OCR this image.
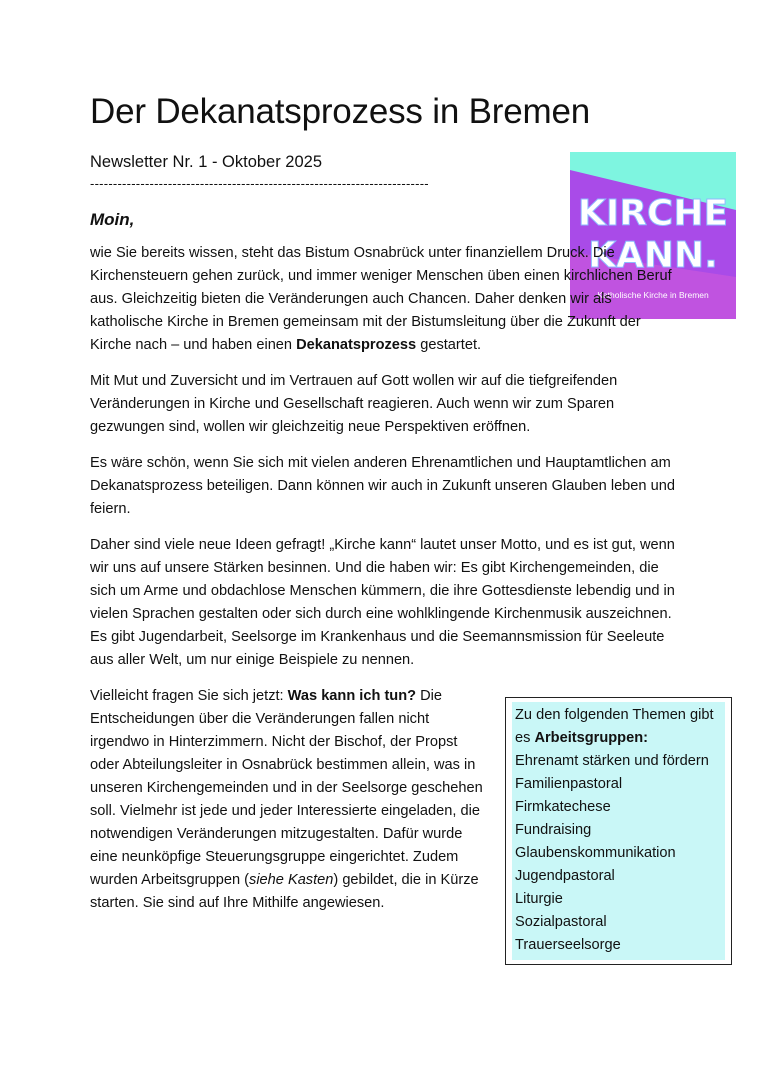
Der Dekanatsprozess in Bremen
Newsletter Nr. 1 - Oktober 2025
--------------------------------------------------------------------------
KIRCHE
KANN.
Katholische Kirche in Bremen
Moin,

wie Sie bereits wissen, steht das Bistum Osnabrück unter finanziellem Druck. Die Kirchensteuern gehen zurück, und immer weniger Menschen üben einen kirchlichen Beruf aus. Gleichzeitig bieten die Veränderungen auch Chancen. Daher denken wir als katholische Kirche in Bremen gemeinsam mit der Bistumsleitung über die Zukunft der Kirche nach – und haben einen Dekanatsprozess gestartet.

Mit Mut und Zuversicht und im Vertrauen auf Gott wollen wir auf die tiefgreifenden Veränderungen in Kirche und Gesellschaft reagieren. Auch wenn wir zum Sparen gezwungen sind, wollen wir gleichzeitig neue Perspektiven eröffnen.

Es wäre schön, wenn Sie sich mit vielen anderen Ehrenamtlichen und Hauptamtlichen am Dekanatsprozess beteiligen. Dann können wir auch in Zukunft unseren Glauben leben und feiern.

Daher sind viele neue Ideen gefragt! „Kirche kann“ lautet unser Motto, und es ist gut, wenn wir uns auf unsere Stärken besinnen. Und die haben wir: Es gibt Kirchengemeinden, die sich um Arme und obdachlose Menschen kümmern, die ihre Gottesdienste lebendig und in vielen Sprachen gestalten oder sich durch eine wohlklingende Kirchenmusik auszeichnen. Es gibt Jugendarbeit, Seelsorge im Krankenhaus und die Seemannsmission für Seeleute aus aller Welt, um nur einige Beispiele zu nennen.

Vielleicht fragen Sie sich jetzt: Was kann ich tun? Die Entscheidungen über die Veränderungen fallen nicht irgendwo in Hinterzimmern. Nicht der Bischof, der Propst oder Abteilungsleiter in Osnabrück bestimmen allein, was in unseren Kirchengemeinden und in der Seelsorge geschehen soll. Vielmehr ist jede und jeder Interessierte eingeladen, die notwendigen Veränderungen mitzugestalten. Dafür wurde eine neunköpfige Steuerungsgruppe eingerichtet. Zudem wurden Arbeitsgruppen (siehe Kasten) gebildet, die in Kürze starten. Sie sind auf Ihre Mithilfe angewiesen.

Zu den folgenden Themen gibt es Arbeitsgruppen:
Ehrenamt stärken und fördern
Familienpastoral
Firmkatechese
Fundraising
Glaubenskommunikation
Jugendpastoral
Liturgie
Sozialpastoral
Trauerseelsorge
